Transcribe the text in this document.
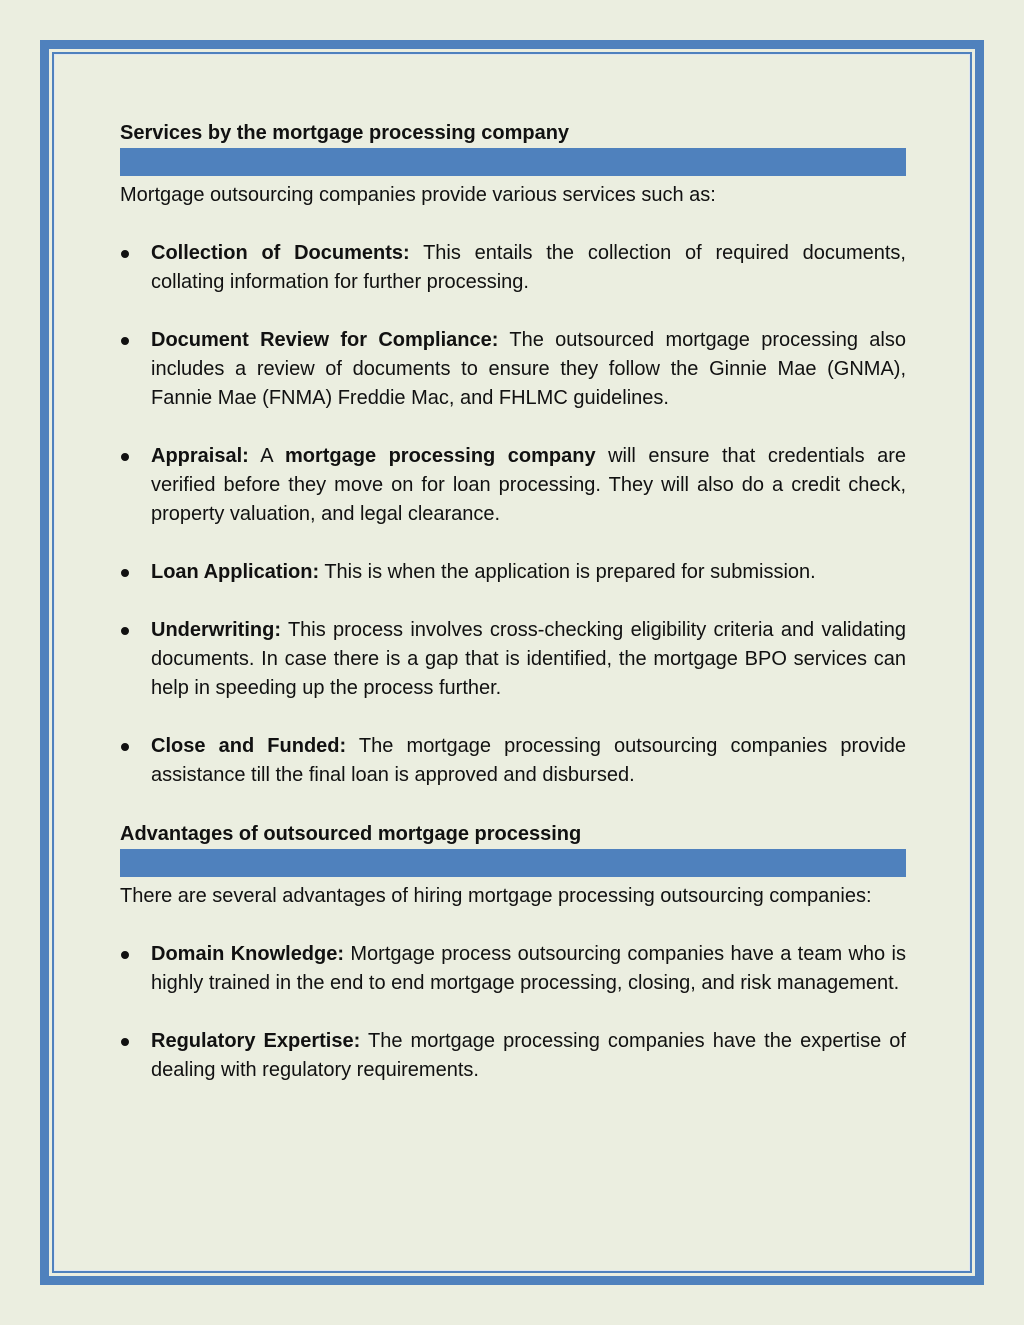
Services by the mortgage processing company
Mortgage outsourcing companies provide various services such as:
Collection of Documents: This entails the collection of required documents, collating information for further processing.
Document Review for Compliance: The outsourced mortgage processing also includes a review of documents to ensure they follow the Ginnie Mae (GNMA), Fannie Mae (FNMA) Freddie Mac, and FHLMC guidelines.
Appraisal: A mortgage processing company will ensure that credentials are verified before they move on for loan processing. They will also do a credit check, property valuation, and legal clearance.
Loan Application: This is when the application is prepared for submission.
Underwriting: This process involves cross-checking eligibility criteria and validating documents. In case there is a gap that is identified, the mortgage BPO services can help in speeding up the process further.
Close and Funded: The mortgage processing outsourcing companies provide assistance till the final loan is approved and disbursed.
Advantages of outsourced mortgage processing
There are several advantages of hiring mortgage processing outsourcing companies:
Domain Knowledge: Mortgage process outsourcing companies have a team who is highly trained in the end to end mortgage processing, closing, and risk management.
Regulatory Expertise: The mortgage processing companies have the expertise of dealing with regulatory requirements.
